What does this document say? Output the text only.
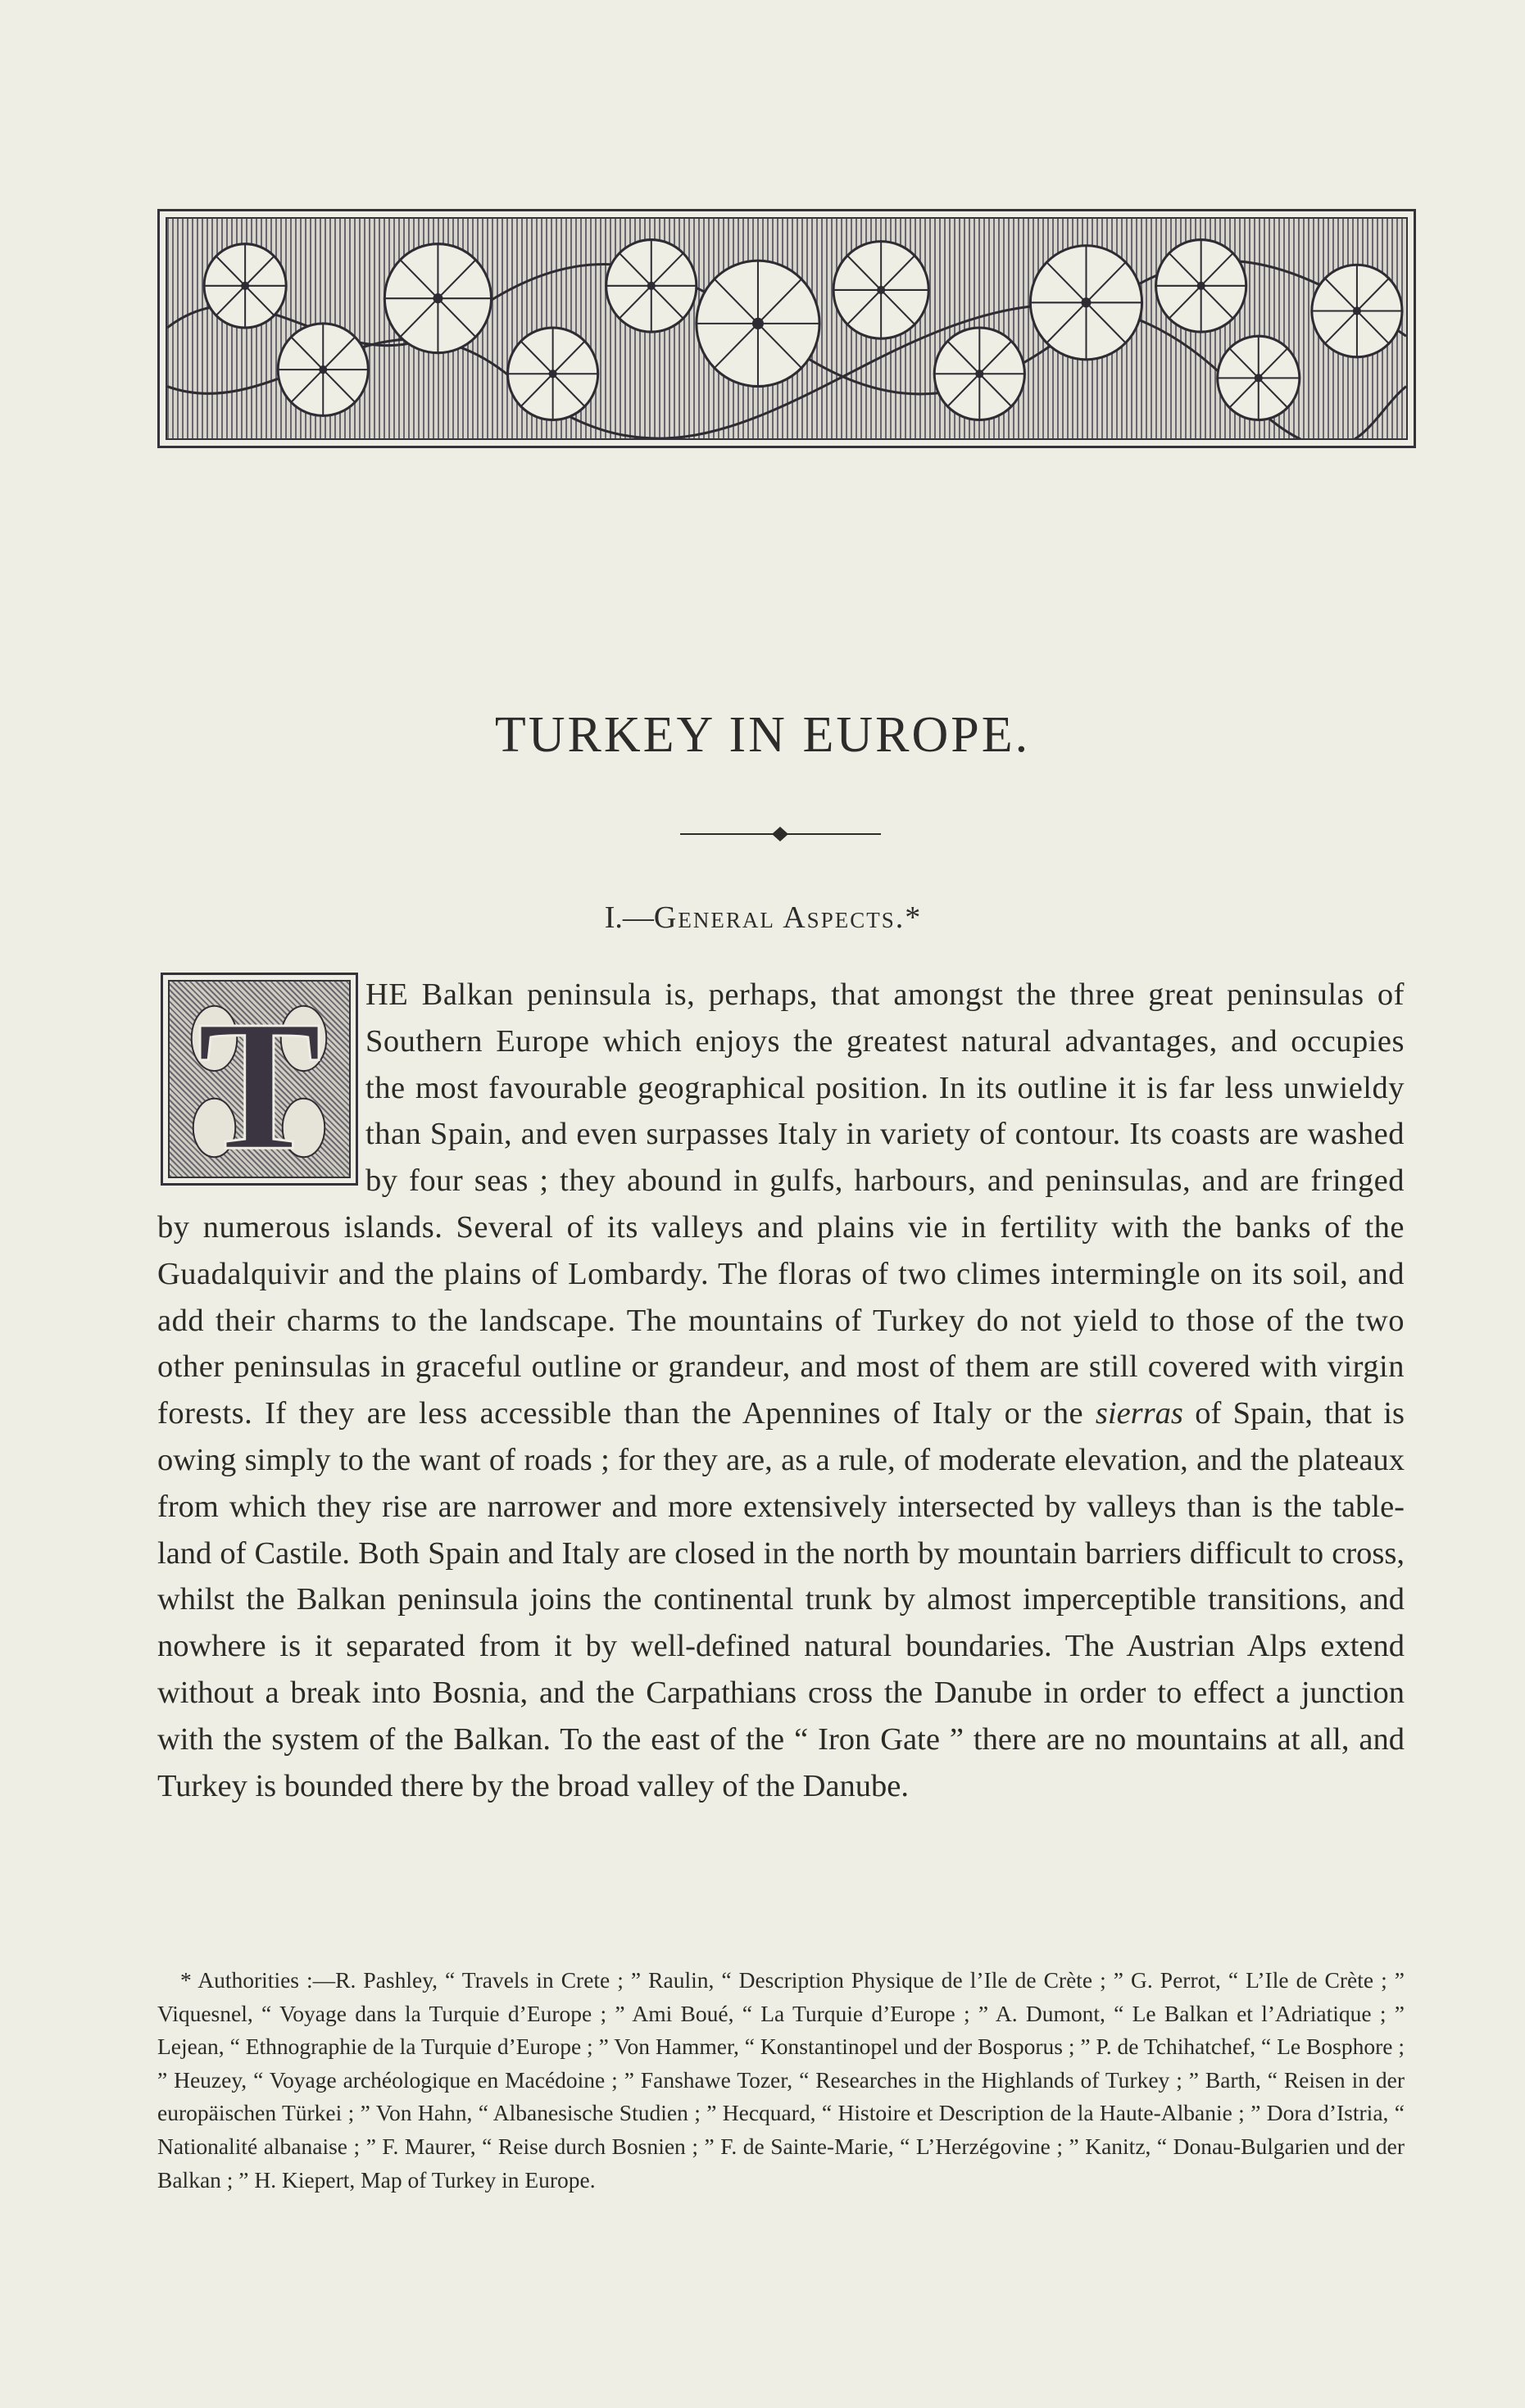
TURKEY IN EUROPE.
I.—General Aspects.*
T	HE Balkan peninsula is, perhaps, that amongst the three great peninsulas of Southern Europe which enjoys the greatest natural advantages, and occupies the most favourable geographical position. In its outline it is far less unwieldy than Spain, and even surpasses Italy in variety of contour. Its coasts are washed by four seas ; they abound in gulfs, harbours, and peninsulas, and are fringed by numerous islands. Several of its valleys and plains vie in fertility with the banks of the Guadalquivir and the plains of Lombardy. The floras of two climes intermingle on its soil, and add their charms to the landscape. The mountains of Turkey do not yield to those of the two other peninsulas in graceful outline or grandeur, and most of them are still covered with virgin forests. If they are less accessible than the Apennines of Italy or the sierras of Spain, that is owing simply to the want of roads ; for they are, as a rule, of moderate elevation, and the plateaux from which they rise are narrower and more extensively intersected by valleys than is the table-land of Castile. Both Spain and Italy are closed in the north by mountain barriers difficult to cross, whilst the Balkan peninsula joins the continental trunk by almost imperceptible transitions, and nowhere is it separated from it by well-defined natural boundaries. The Austrian Alps extend without a break into Bosnia, and the Carpathians cross the Danube in order to effect a junction with the system of the Balkan. To the east of the “ Iron Gate ” there are no mountains at all, and Turkey is bounded there by the broad valley of the Danube.

* Authorities :—R. Pashley, “ Travels in Crete ; ” Raulin, “ Description Physique de l’Ile de Crète ; ” G. Perrot, “ L’Ile de Crète ; ” Viquesnel, “ Voyage dans la Turquie d’Europe ; ” Ami Boué, “ La Turquie d’Europe ; ” A. Dumont, “ Le Balkan et l’Adriatique ; ” Lejean, “ Ethnographie de la Turquie d’Europe ; ” Von Hammer, “ Konstantinopel und der Bosporus ; ” P. de Tchihatchef, “ Le Bosphore ; ” Heuzey, “ Voyage archéologique en Macédoine ; ” Fanshawe Tozer, “ Researches in the Highlands of Turkey ; ” Barth, “ Reisen in der europäischen Türkei ; ” Von Hahn, “ Albanesische Studien ; ” Hecquard, “ Histoire et Description de la Haute-Albanie ; ” Dora d’Istria, “ Nationalité albanaise ; ” F. Maurer, “ Reise durch Bosnien ; ” F. de Sainte-Marie, “ L’Herzégovine ; ” Kanitz, “ Donau-Bulgarien und der Balkan ; ” H. Kiepert, Map of Turkey in Europe.
